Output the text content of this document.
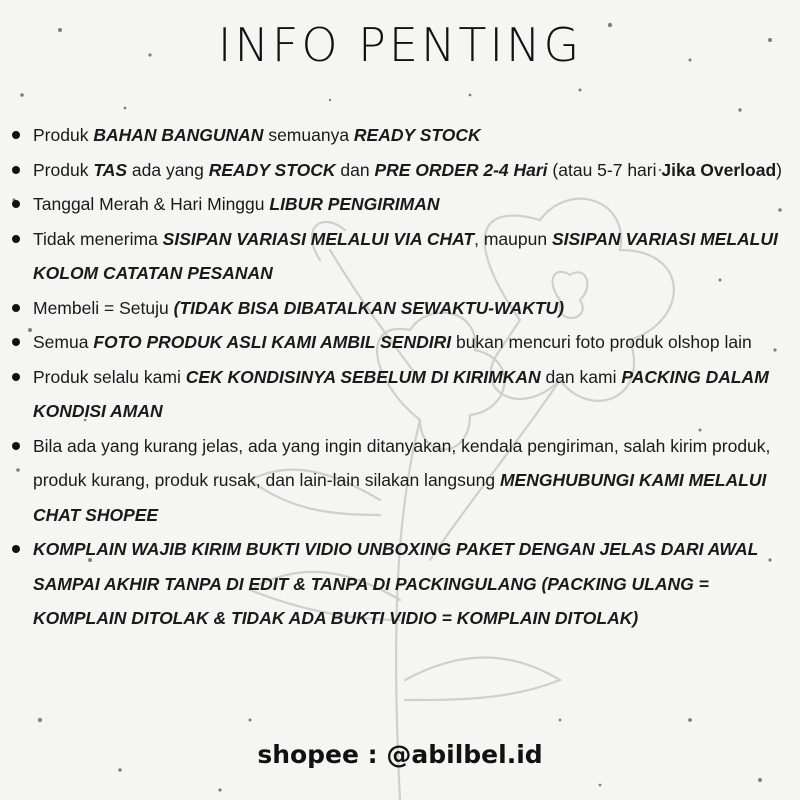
INFO PENTING
Produk BAHAN BANGUNAN semuanya READY STOCK
Produk TAS ada yang READY STOCK dan PRE ORDER 2-4 Hari (atau 5-7 hari Jika Overload)
Tanggal Merah & Hari Minggu LIBUR PENGIRIMAN
Tidak menerima SISIPAN VARIASI MELALUI VIA CHAT, maupun SISIPAN VARIASI MELALUI KOLOM CATATAN PESANAN
Membeli = Setuju (TIDAK BISA DIBATALKAN SEWAKTU-WAKTU)
Semua FOTO PRODUK ASLI KAMI AMBIL SENDIRI bukan mencuri foto produk olshop lain
Produk selalu kami CEK KONDISINYA SEBELUM DI KIRIMKAN dan kami PACKING DALAM KONDISI AMAN
Bila ada yang kurang jelas, ada yang ingin ditanyakan, kendala pengiriman, salah kirim produk, produk kurang, produk rusak, dan lain-lain silakan langsung MENGHUBUNGI KAMI MELALUI CHAT SHOPEE
KOMPLAIN WAJIB KIRIM BUKTI VIDIO UNBOXING PAKET DENGAN JELAS DARI AWAL SAMPAI AKHIR TANPA DI EDIT & TANPA DI PACKINGULANG (PACKING ULANG = KOMPLAIN DITOLAK & TIDAK ADA BUKTI VIDIO = KOMPLAIN DITOLAK)
shopee : @abilbel.id
